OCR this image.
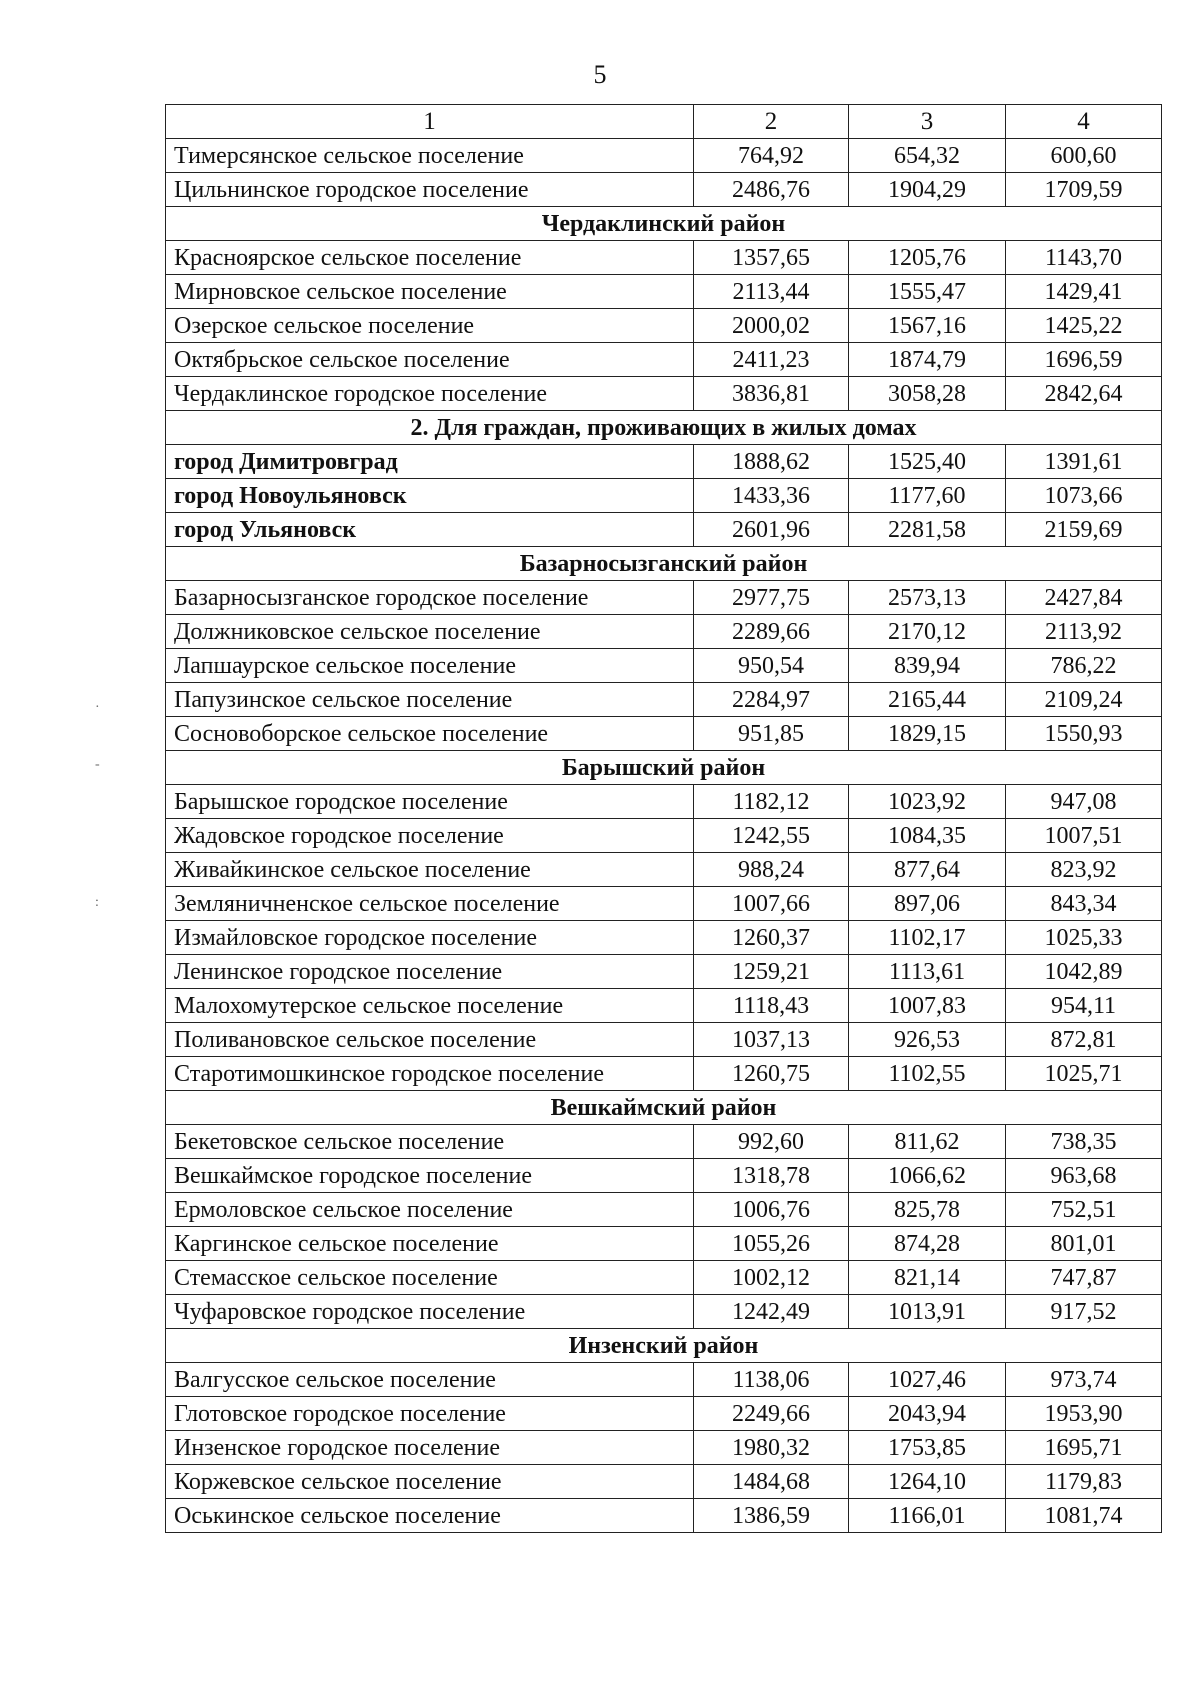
5
1	2	3	4
Тимерсянское сельское поселение	764,92	654,32	600,60
Цильнинское городское поселение	2486,76	1904,29	1709,59
Чердаклинский район			
Красноярское сельское поселение	1357,65	1205,76	1143,70
Мирновское сельское поселение	2113,44	1555,47	1429,41
Озерское сельское поселение	2000,02	1567,16	1425,22
Октябрьское сельское поселение	2411,23	1874,79	1696,59
Чердаклинское городское поселение	3836,81	3058,28	2842,64
2. Для граждан, проживающих в жилых домах			
город Димитровград	1888,62	1525,40	1391,61
город Новоульяновск	1433,36	1177,60	1073,66
город Ульяновск	2601,96	2281,58	2159,69
Базарносызганский район			
Базарносызганское городское поселение	2977,75	2573,13	2427,84
Должниковское сельское поселение	2289,66	2170,12	2113,92
Лапшаурское сельское поселение	950,54	839,94	786,22
Папузинское сельское поселение	2284,97	2165,44	2109,24
Сосновоборское сельское поселение	951,85	1829,15	1550,93
Барышский район			
Барышское городское поселение	1182,12	1023,92	947,08
Жадовское городское поселение	1242,55	1084,35	1007,51
Живайкинское сельское поселение	988,24	877,64	823,92
Земляничненское сельское поселение	1007,66	897,06	843,34
Измайловское городское поселение	1260,37	1102,17	1025,33
Ленинское городское поселение	1259,21	1113,61	1042,89
Малохомутерское сельское поселение	1118,43	1007,83	954,11
Поливановское сельское поселение	1037,13	926,53	872,81
Старотимошкинское городское поселение	1260,75	1102,55	1025,71
Вешкаймский район			
Бекетовское сельское поселение	992,60	811,62	738,35
Вешкаймское городское поселение	1318,78	1066,62	963,68
Ермоловское сельское поселение	1006,76	825,78	752,51
Каргинское сельское поселение	1055,26	874,28	801,01
Стемасское сельское поселение	1002,12	821,14	747,87
Чуфаровское городское поселение	1242,49	1013,91	917,52
Инзенский район			
Валгусское сельское поселение	1138,06	1027,46	973,74
Глотовское городское поселение	2249,66	2043,94	1953,90
Инзенское городское поселение	1980,32	1753,85	1695,71
Коржевское сельское поселение	1484,68	1264,10	1179,83
Оськинское сельское поселение	1386,59	1166,01	1081,74
·
-
:
